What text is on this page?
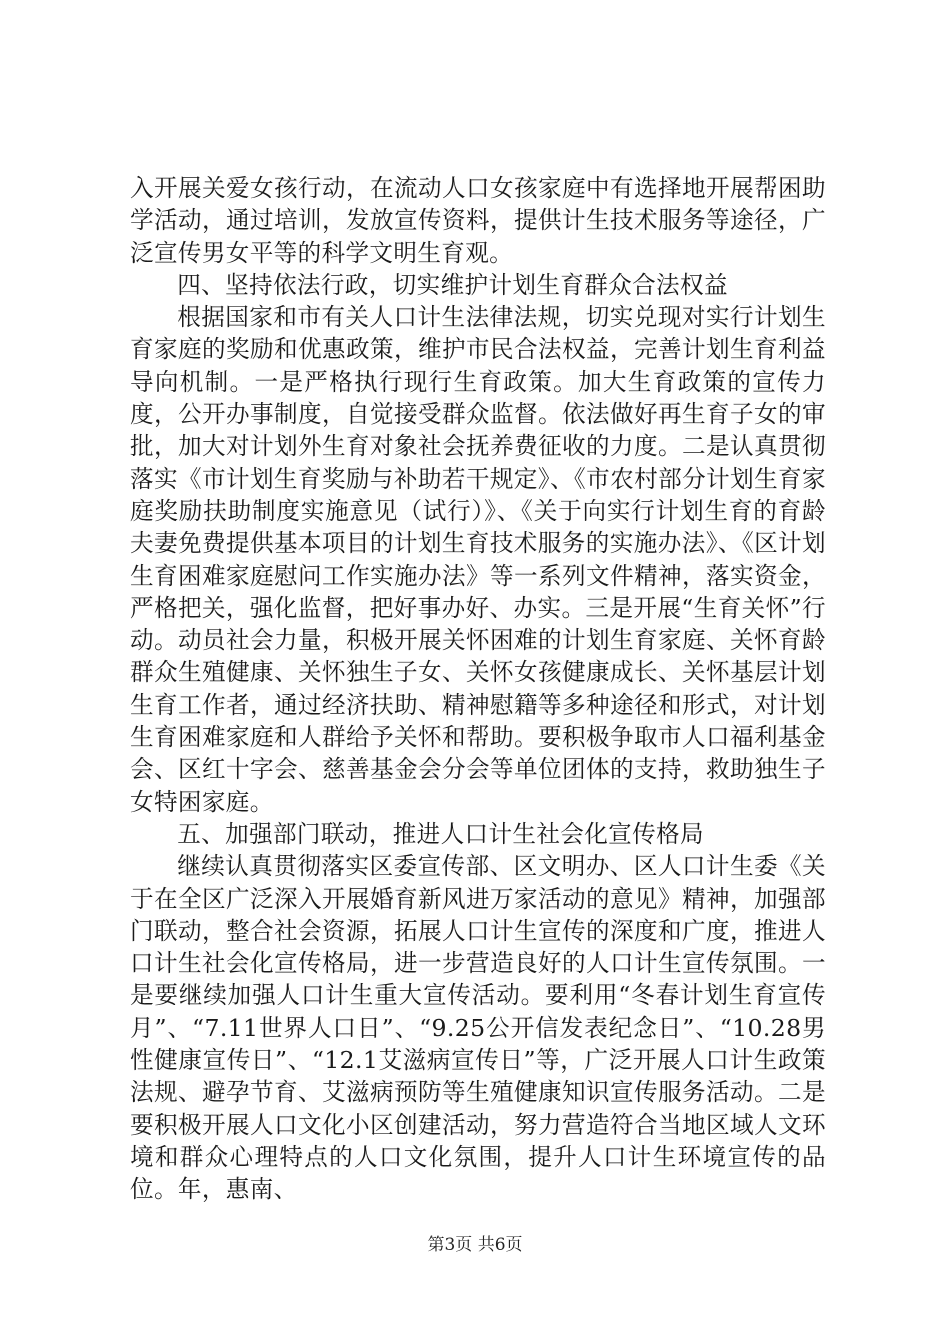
入开展关爱女孩行动，在流动人口女孩家庭中有选择地开展帮困助学活动，通过培训，发放宣传资料，提供计生技术服务等途径，广泛宣传男女平等的科学文明生育观。

四、坚持依法行政，切实维护计划生育群众合法权益

根据国家和市有关人口计生法律法规，切实兑现对实行计划生育家庭的奖励和优惠政策，维护市民合法权益，完善计划生育利益导向机制。一是严格执行现行生育政策。加大生育政策的宣传力度，公开办事制度，自觉接受群众监督。依法做好再生育子女的审批，加大对计划外生育对象社会抚养费征收的力度。二是认真贯彻落实《市计划生育奖励与补助若干规定》、《市农村部分计划生育家庭奖励扶助制度实施意见（试行）》、《关于向实行计划生育的育龄夫妻免费提供基本项目的计划生育技术服务的实施办法》、《区计划生育困难家庭慰问工作实施办法》等一系列文件精神，落实资金，严格把关，强化监督，把好事办好、办实。三是开展“生育关怀”行动。动员社会力量，积极开展关怀困难的计划生育家庭、关怀育龄群众生殖健康、关怀独生子女、关怀女孩健康成长、关怀基层计划生育工作者，通过经济扶助、精神慰籍等多种途径和形式，对计划生育困难家庭和人群给予关怀和帮助。要积极争取市人口福利基金会、区红十字会、慈善基金会分会等单位团体的支持，救助独生子女特困家庭。

五、加强部门联动，推进人口计生社会化宣传格局

继续认真贯彻落实区委宣传部、区文明办、区人口计生委《关于在全区广泛深入开展婚育新风进万家活动的意见》精神，加强部门联动，整合社会资源，拓展人口计生宣传的深度和广度，推进人口计生社会化宣传格局，进一步营造良好的人口计生宣传氛围。一是要继续加强人口计生重大宣传活动。要利用“冬春计划生育宣传月”、“7.11世界人口日”、“9.25公开信发表纪念日”、“10.28男性健康宣传日”、“12.1艾滋病宣传日”等，广泛开展人口计生政策法规、避孕节育、艾滋病预防等生殖健康知识宣传服务活动。二是要积极开展人口文化小区创建活动，努力营造符合当地区域人文环境和群众心理特点的人口文化氛围，提升人口计生环境宣传的品位。年，惠南、

第3页 共6页
